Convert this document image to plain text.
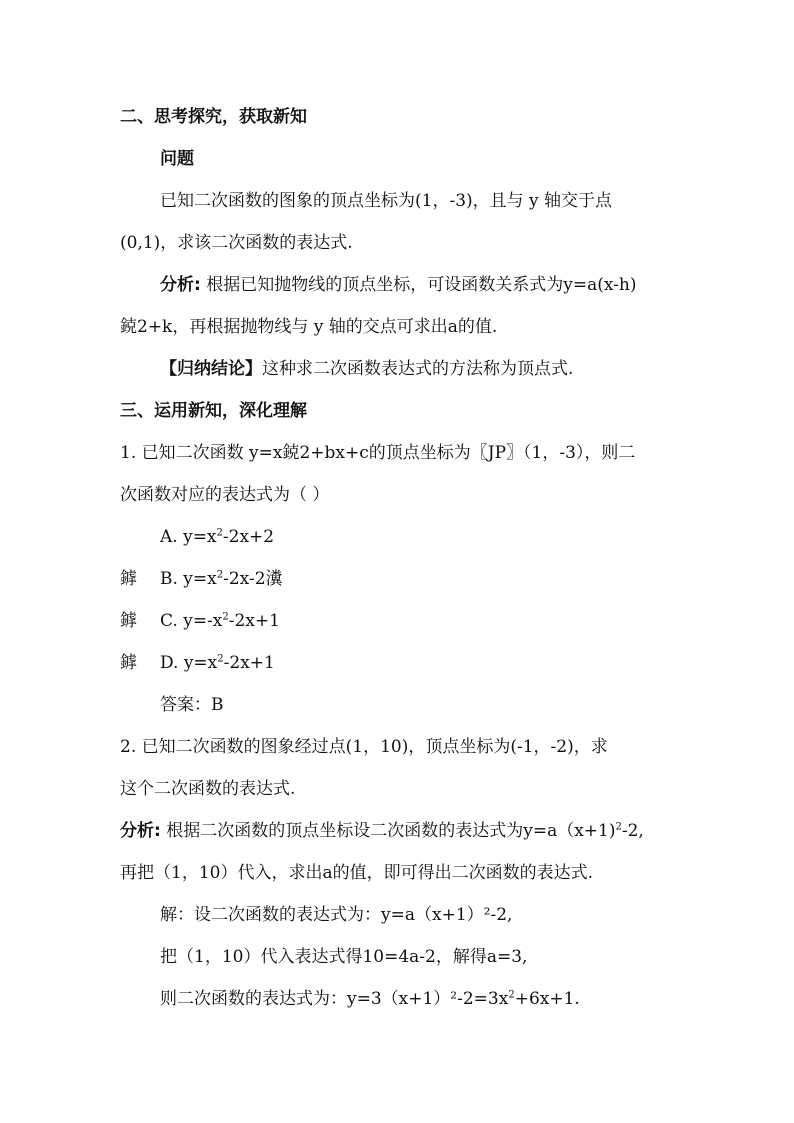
二、思考探究，获取新知
问题
已知二次函数的图象的顶点坐标为(1，-3)，且与 y 轴交于点
(0,1)，求该二次函数的表达式.
分析: 根据已知抛物线的顶点坐标，可设函数关系式为y=a(x-h)
鋴2+k，再根据抛物线与 y 轴的交点可求出a的值.
【归纳结论】这种求二次函数表达式的方法称为顶点式.
三、运用新知，深化理解
1. 已知二次函数 y=x鋴2+bx+c的顶点坐标为〖JP〗（1，-3），则二
次函数对应的表达式为（ ）
A. $y=x^2-2x+2$
鎼 B. $y=x^2-2x-2$瀵
鎼 C. $y=-x^2-2x+1$
鎼 D. $y=x^2-2x+1$
答案：B
2. 已知二次函数的图象经过点(1，10)，顶点坐标为(-1，-2)，求
这个二次函数的表达式.
分析: 根据二次函数的顶点坐标设二次函数的表达式为y=a（x+1)$^2$-2,
再把（1，10）代入，求出a的值，即可得出二次函数的表达式.
解：设二次函数的表达式为：y=a（x+1）²-2,
把（1，10）代入表达式得10=4a-2，解得a=3,
则二次函数的表达式为：$y=3(x+1)^2-2=3x^2+6x+1$.
